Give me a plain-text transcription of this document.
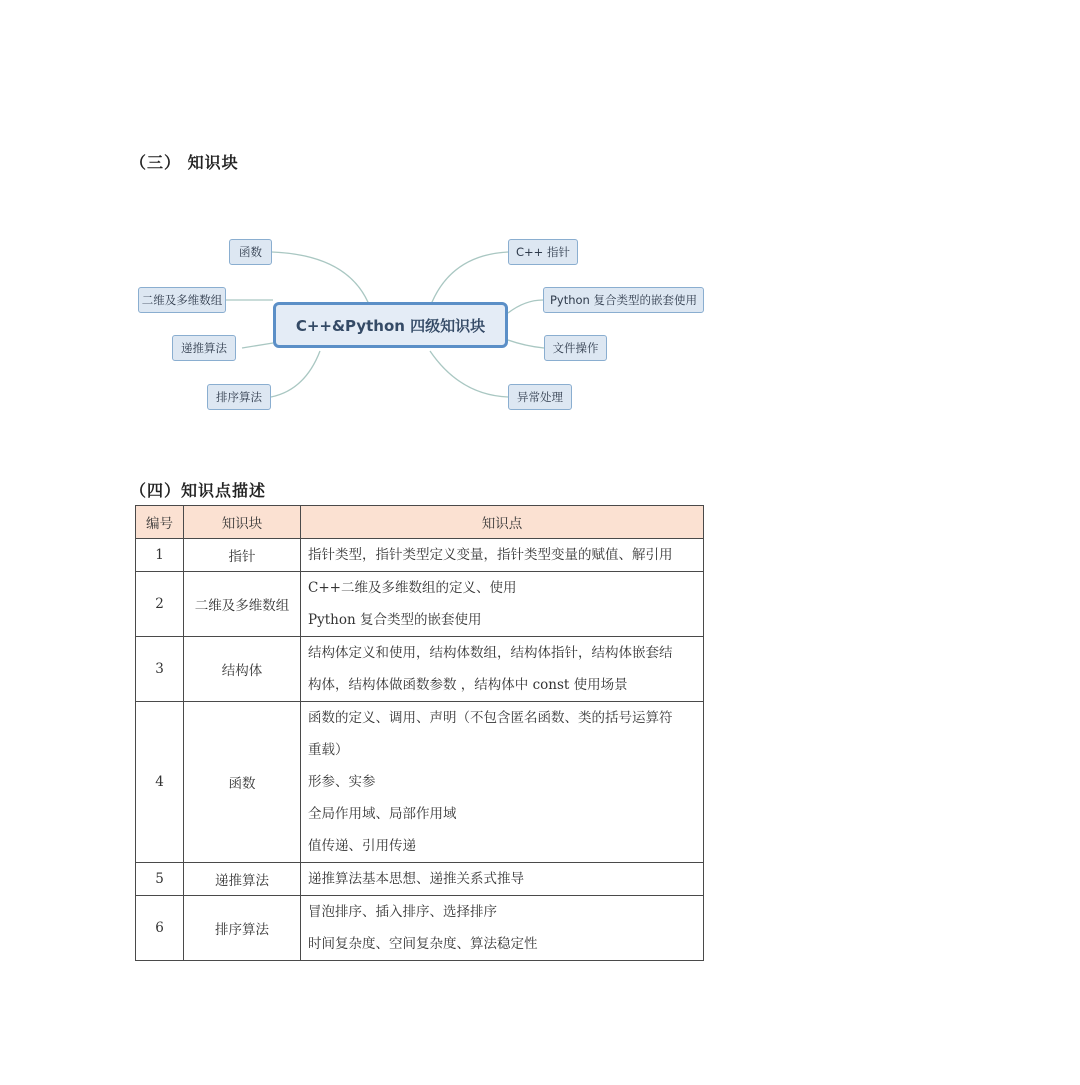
（三） 知识块
C++&Python 四级知识块
函数
二维及多维数组
递推算法
排序算法
C++ 指针
Python 复合类型的嵌套使用
文件操作
异常处理
（四）知识点描述
编号	知识块	知识点
1	指针	指针类型，指针类型定义变量，指针类型变量的赋值、解引用

2	二维及多维数组	C++二维及多维数组的定义、使用
Python 复合类型的嵌套使用

3	结构体	结构体定义和使用，结构体数组，结构体指针，结构体嵌套结
构体，结构体做函数参数 ，结构体中 const 使用场景

4	函数	函数的定义、调用、声明（不包含匿名函数、类的括号运算符
重载）
形参、实参
全局作用域、局部作用域
值传递、引用传递

5	递推算法	递推算法基本思想、递推关系式推导

6	排序算法	冒泡排序、插入排序、选择排序
时间复杂度、空间复杂度、算法稳定性
